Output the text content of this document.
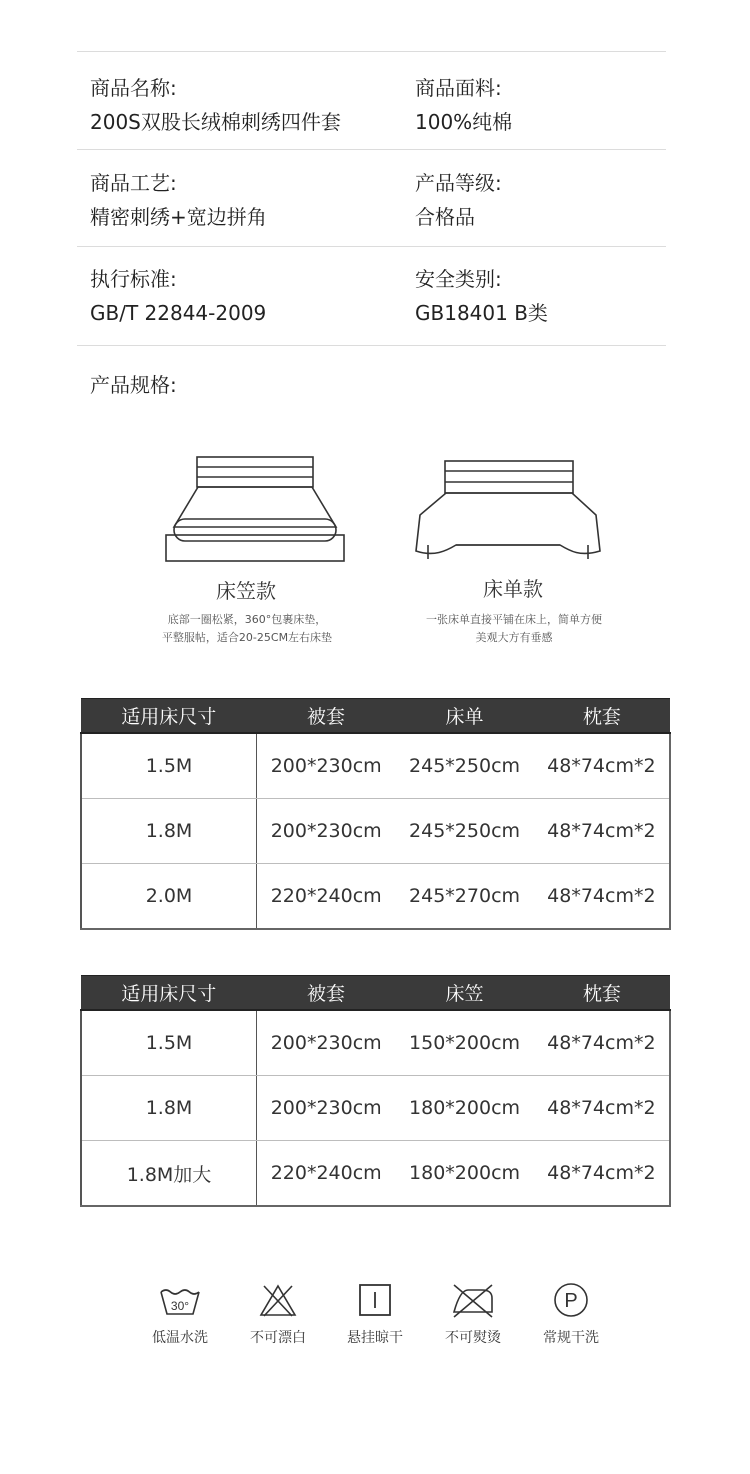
商品名称:
200S双股长绒棉刺绣四件套
商品面料:
100%纯棉
商品工艺:
精密刺绣+宽边拼角
产品等级:
合格品
执行标准:
GB/T 22844-2009
安全类别:
GB18401 B类
产品规格:
床笠款
底部一圈松紧，360°包裹床垫，
平整服帖，适合20-25CM左右床垫
床单款
一张床单直接平铺在床上，简单方便
美观大方有垂感
适用床尺寸	被套	床单	枕套
1.5M	200*230cm	245*250cm	48*74cm*2
1.8M	200*230cm	245*250cm	48*74cm*2
2.0M	220*240cm	245*270cm	48*74cm*2
适用床尺寸	被套	床笠	枕套
1.5M	200*230cm	150*200cm	48*74cm*2
1.8M	200*230cm	180*200cm	48*74cm*2
1.8M加大	220*240cm	180*200cm	48*74cm*2
30°
低温水洗	不可漂白	悬挂晾干	不可熨烫
P
常规干洗
